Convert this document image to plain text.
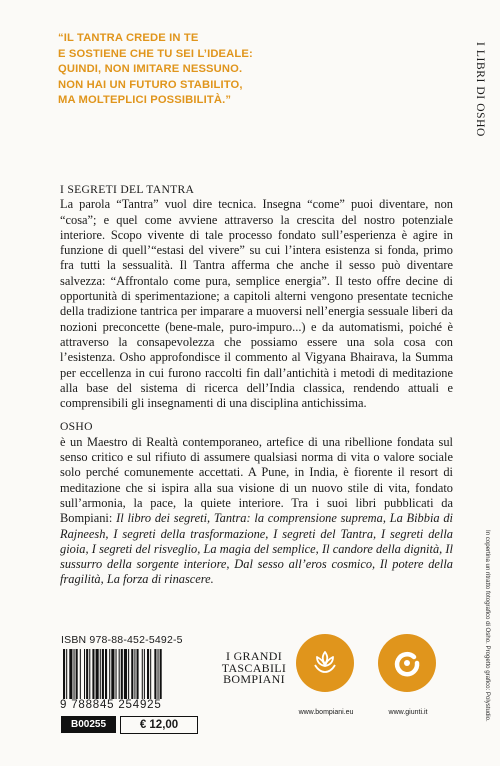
“IL TANTRA CREDE IN TE
E SOSTIENE CHE TU SEI L’IDEALE:
QUINDI, NON IMITARE NESSUNO.
NON HAI UN FUTURO STABILITO,
MA MOLTEPLICI POSSIBILITÀ.”	I LIBRI DI OSHO
In copertina un ritratto fotografico di Osho. Progetto grafico: Polystudio.

I SEGRETI DEL TANTRA

La parola “Tantra” vuol dire tecnica. Insegna “come” puoi diventare, non “cosa”; e quel come avviene attraverso la crescita del nostro potenziale interiore. Scopo vivente di tale processo fondato sull’esperienza è agire in funzione di quell’“estasi del vivere” su cui l’intera esistenza si fonda, primo fra tutti la sessualità. Il Tantra afferma che anche il sesso può diventare salvezza: “Affrontalo come pura, semplice energia”. Il testo offre decine di opportunità di sperimentazione; a capitoli alterni vengono presentate tecniche della tradizione tantrica per imparare a muoversi nell’energia sessuale liberi da nozioni preconcette (bene-male, puro-impuro...) e da automatismi, poiché è attraverso la consapevolezza che possiamo essere una sola cosa con l’esistenza. Osho approfondisce il commento al Vigyana Bhairava, la Summa per eccellenza in cui furono raccolti fin dall’antichità i metodi di meditazione alla base del sistema di ricerca dell’India classica, rendendo attuali e comprensibili gli insegnamenti di una disciplina antichissima.

OSHO

è un Maestro di Realtà contemporaneo, artefice di una ribellione fondata sul senso critico e sul rifiuto di assumere qualsiasi norma di vita o valore sociale solo perché comunemente accettati. A Pune, in India, è fiorente il resort di meditazione che si ispira alla sua visione di un nuovo stile di vita, fondato sull’armonia, la pace, la quiete interiore. Tra i suoi libri pubblicati da Bompiani: Il libro dei segreti, Tantra: la comprensione suprema, La Bibbia di Rajneesh, I segreti della trasformazione, I segreti del Tantra, I segreti della gioia, I segreti del risveglio, La magia del semplice, Il candore della dignità, Il sussurro della sorgente interiore, Dal sesso all’eros cosmico, Il potere della fragilità, La forza di rinascere.

ISBN 978-88-452-5492-5
9 788845 254925
B00255	€ 12,00
I GRANDI
TASCABILI
BOMPIANI
www.bompiani.eu	www.giunti.it
